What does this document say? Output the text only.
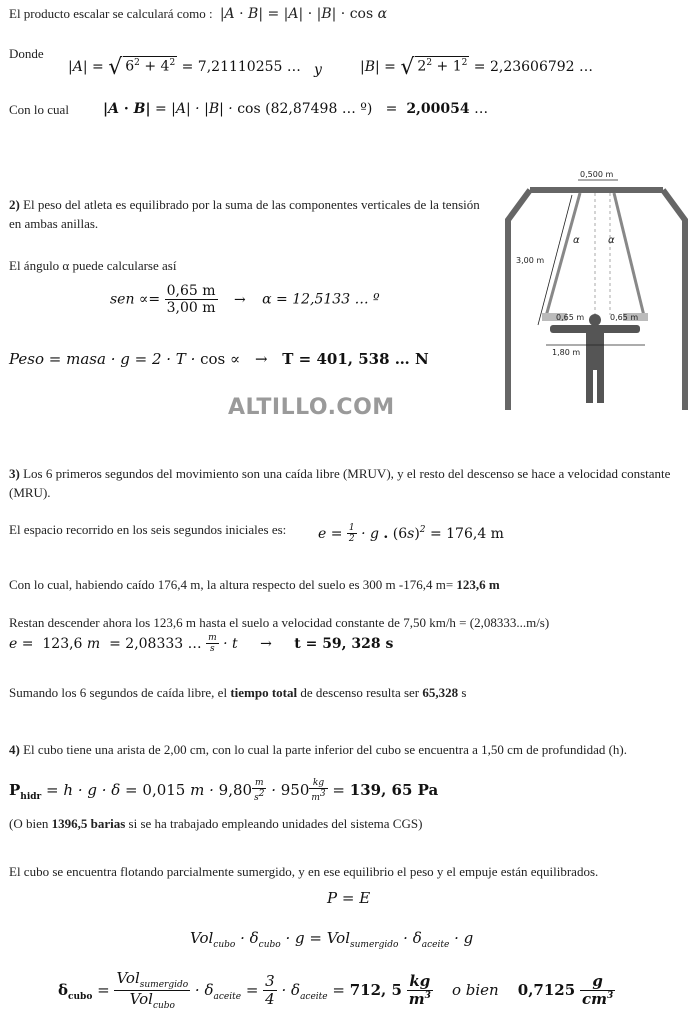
El producto escalar se calculará como : |A · B| = |A| · |B| · cos α
Donde
|A| = √ $6^2 + 4^2 = 7,21110255$ … y	|B| = √ $2^2 + 1^2 = 2,23606792$ …
Con lo cual |A · B| = |A| · |B| · cos (82,87498 … º)   =  2,00054 …
2) El peso del atleta es equilibrado por la suma de las componentes verticales de la tensión en ambas anillas.
El ángulo α puede calcularse así
sen ∝= $\frac{0,65 m}{3,00 m} \to \alpha = 12,5133$ … º
Peso = masa · g = 2 · T · cos ∝ → T = 401, 538 … N
0,500 m
3,00 m
α	α
0,65 m	0,65 m
1,80 m
ALTILLO.COM
3) Los 6 primeros segundos del movimiento son una caída libre (MRUV), y el resto del descenso se hace a velocidad constante (MRU).
El espacio recorrido en los seis segundos iniciales es: $e = \frac{1}{2} \cdot g$ . $(6s)^2 = 176,4$ m
Con lo cual, habiendo caído 176,4 m, la altura respecto del suelo es 300 m -176,4 m= 123,6 m
Restan descender ahora los 123,6 m hasta el suelo a velocidad constante de 7,50 km/h = (2,08333...m/s)
e =  123,6 m  = 2,08333 … $\frac{m}{s} \cdot t \to t = 59$, 328 s
Sumando los 6 segundos de caída libre, el tiempo total de descenso resulta ser 65,328 s
4) El cubo tiene una arista de 2,00 cm, con lo cual la parte inferior del cubo se encuentra a 1,50 cm de profundidad (h).
$P_{hidr} = h \cdot g \cdot \delta = 0,015$ $m \cdot 9,80 \frac{m}{s^2} \cdot 950 \frac{kg}{m^3} = 139$, 65 Pa
(O bien 1396,5 barias si se ha trabajado empleando unidades del sistema CGS)
El cubo se encuentra flotando parcialmente sumergido, y en ese equilibrio el peso y el empuje están equilibrados.
P = E
$Vol_{cubo} \cdot \delta_{cubo} \cdot g = Vol_{sumergido} \cdot \delta_{aceite} \cdot g$
$\delta_{cubo} = \frac{Vol_{sumergido}}{Vol_{cubo}} \cdot \delta_{aceite} = \frac{3}{4} \cdot \delta_{aceite} = 712$, $5 \frac{kg}{m^3}$ o bien $0,7125 \frac{g}{cm^3}$
